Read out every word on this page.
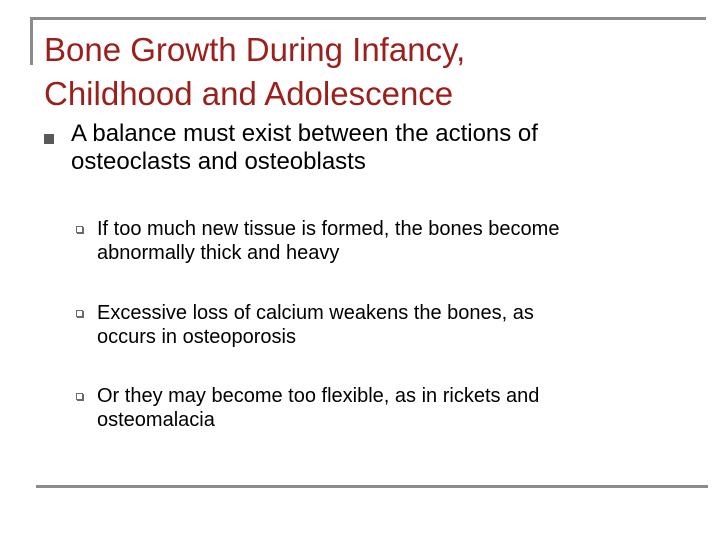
Bone Growth During Infancy,
Childhood and Adolescence
A balance must exist between the actions of
osteoclasts and osteoblasts
If too much new tissue is formed, the bones become
abnormally thick and heavy
Excessive loss of calcium weakens the bones, as
occurs in osteoporosis
Or they may become too flexible, as in rickets and
osteomalacia
